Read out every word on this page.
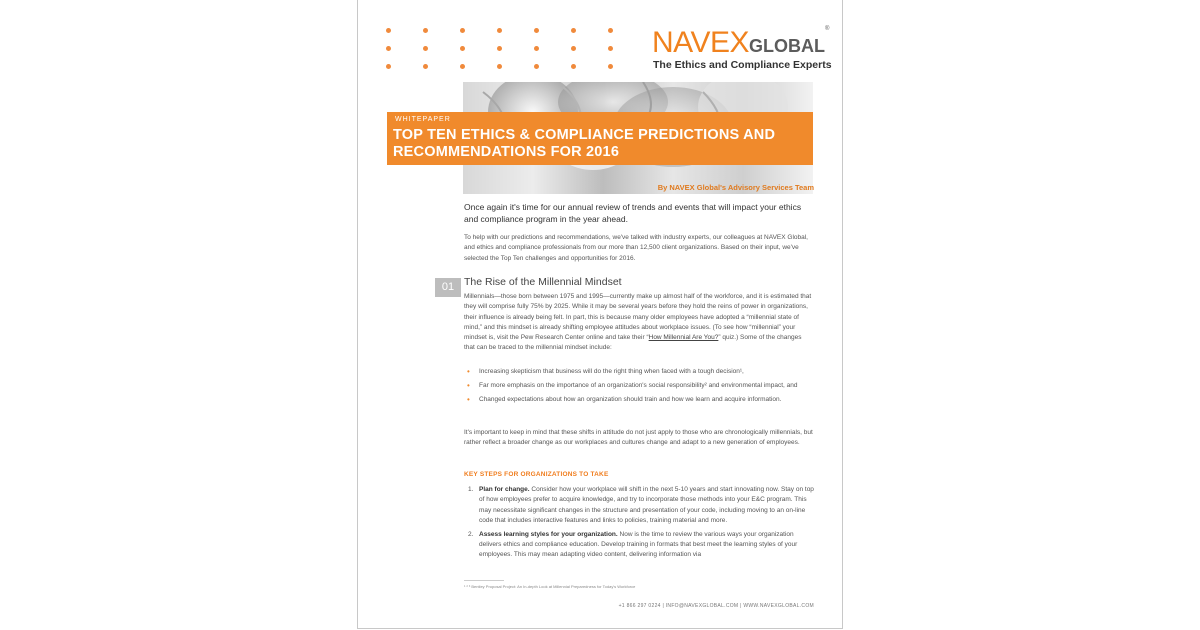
NAVEXGLOBAL®
The Ethics and Compliance Experts
WHITEPAPER
TOP TEN ETHICS & COMPLIANCE PREDICTIONS AND RECOMMENDATIONS FOR 2016
By NAVEX Global's Advisory Services Team
Once again it's time for our annual review of trends and events that will impact your ethics and compliance program in the year ahead.
To help with our predictions and recommendations, we've talked with industry experts, our colleagues at NAVEX Global, and ethics and compliance professionals from our more than 12,500 client organizations. Based on their input, we've selected the Top Ten challenges and opportunities for 2016.
01 The Rise of the Millennial Mindset
Millennials—those born between 1975 and 1995—currently make up almost half of the workforce, and it is estimated that they will comprise fully 75% by 2025. While it may be several years before they hold the reins of power in organizations, their influence is already being felt. In part, this is because many older employees have adopted a “millennial state of mind,” and this mindset is already shifting employee attitudes about workplace issues. (To see how “millennial” your mindset is, visit the Pew Research Center online and take their “How Millennial Are You?” quiz.) Some of the changes that can be traced to the millennial mindset include:
• Increasing skepticism that business will do the right thing when faced with a tough decision¹,
• Far more emphasis on the importance of an organization's social responsibility² and environmental impact, and
• Changed expectations about how an organization should train and how we learn and acquire information.
It's important to keep in mind that these shifts in attitude do not just apply to those who are chronologically millennials, but rather reflect a broader change as our workplaces and cultures change and adapt to a new generation of employees.
KEY STEPS FOR ORGANIZATIONS TO TAKE
1. Plan for change. Consider how your workplace will shift in the next 5-10 years and start innovating now. Stay on top of how employees prefer to acquire knowledge, and try to incorporate those methods into your E&C program. This may necessitate significant changes in the structure and presentation of your code, including moving to an on-line code that includes interactive features and links to policies, training material and more.
2. Assess learning styles for your organization. Now is the time to review the various ways your organization delivers ethics and compliance education. Develop training in formats that best meet the learning styles of your employees. This may mean adapting video content, delivering information via
¹ ² ³ Bentley Proposal Project: An In-depth Look at Millennial Preparedness for Today's Workforce
+1 866 297 0224 | INFO@NAVEXGLOBAL.COM | WWW.NAVEXGLOBAL.COM
